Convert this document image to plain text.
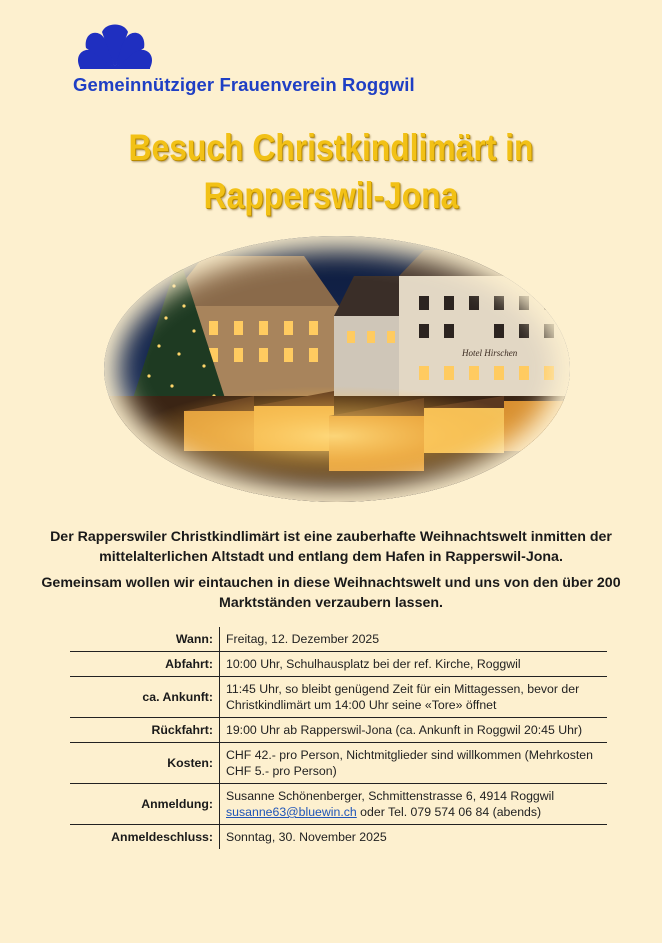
Gemeinnütziger Frauenverein Roggwil
Besuch Christkindlimärt in
Rapperswil-Jona
Hotel Hirschen
Der Rapperswiler Christkindlimärt ist eine zauberhafte Weihnachtswelt inmitten der mittelalterlichen Altstadt und entlang dem Hafen in Rapperswil-Jona.
Gemeinsam wollen wir eintauchen in diese Weihnachtswelt und uns von den über 200 Marktständen verzaubern lassen.
Wann:	Freitag, 12. Dezember 2025
Abfahrt:	10:00 Uhr, Schulhausplatz bei der ref. Kirche, Roggwil
ca. Ankunft:	11:45 Uhr, so bleibt genügend Zeit für ein Mittagessen, bevor der Christkindlimärt um 14:00 Uhr seine «Tore» öffnet
Rückfahrt:	19:00 Uhr ab Rapperswil-Jona (ca. Ankunft in Roggwil 20:45 Uhr)
Kosten:	CHF 42.- pro Person, Nichtmitglieder sind willkommen (Mehrkosten CHF 5.- pro Person)
Anmeldung:	Susanne Schönenberger, Schmittenstrasse 6, 4914 Roggwil
susanne63@bluewin.ch oder Tel. 079 574 06 84 (abends)
Anmeldeschluss:	Sonntag, 30. November 2025
